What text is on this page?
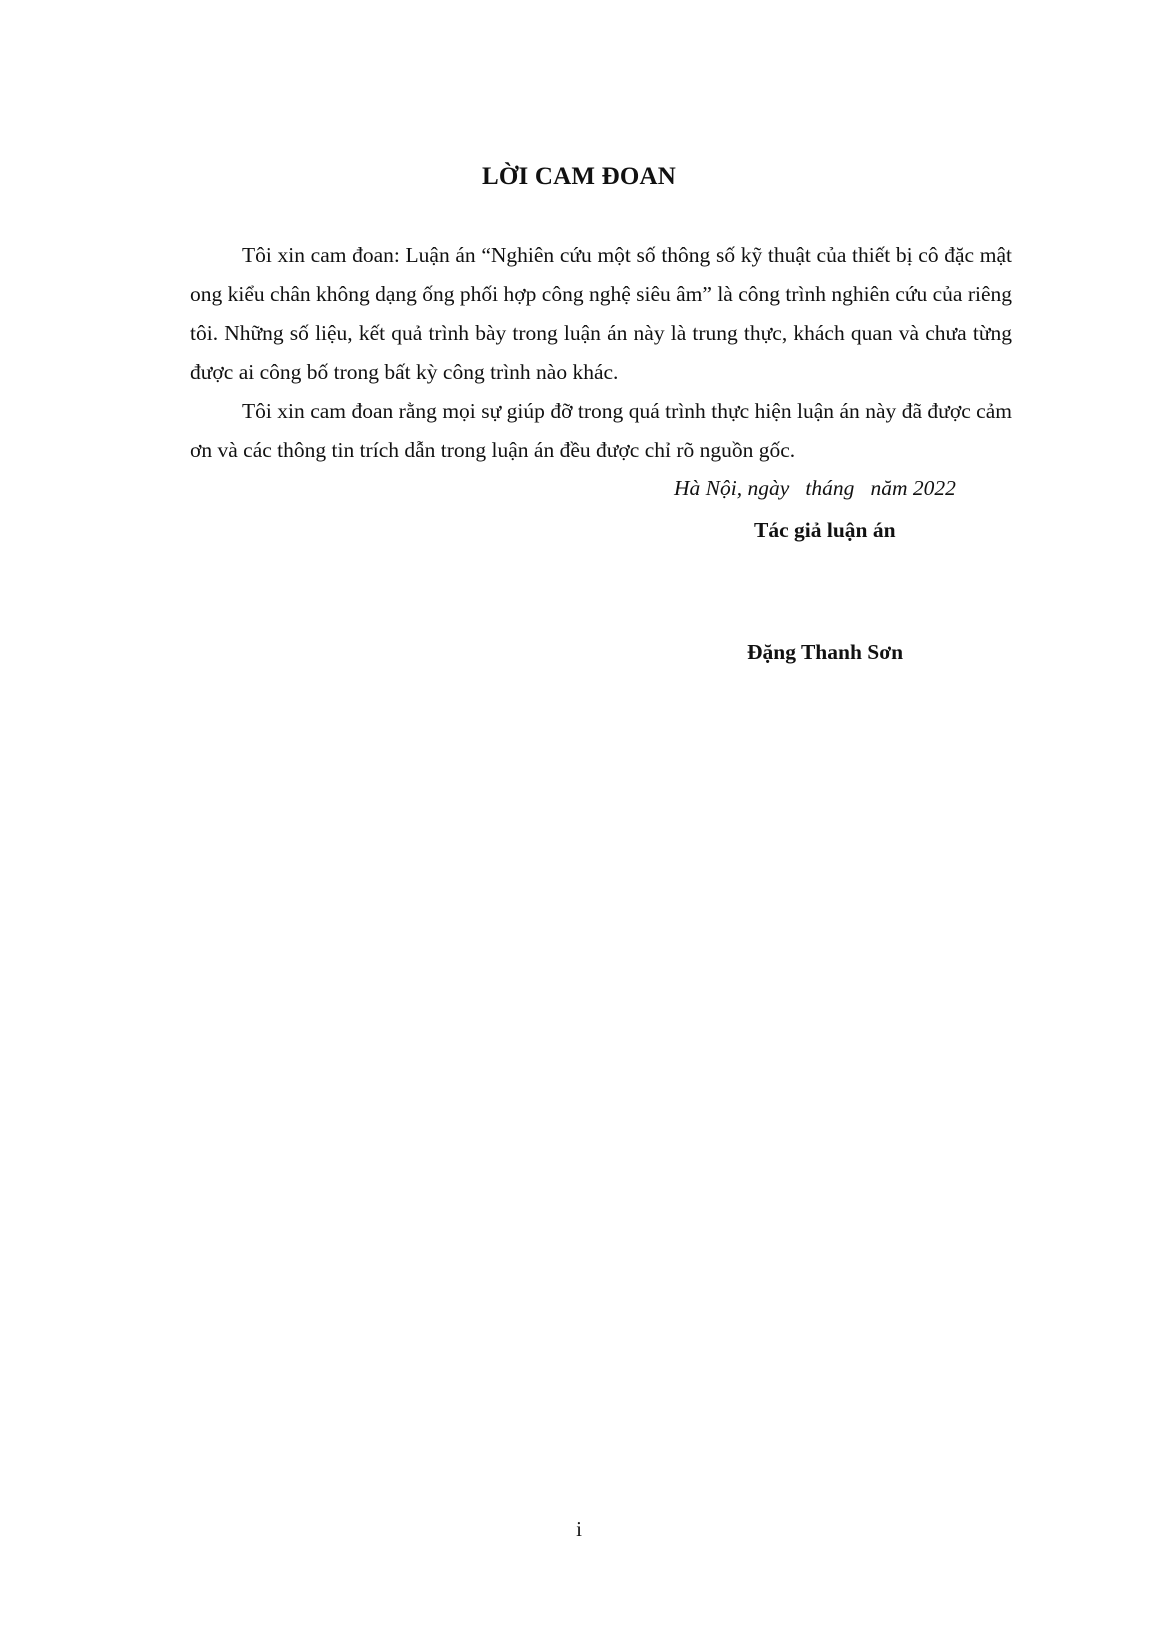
LỜI CAM ĐOAN

Tôi xin cam đoan: Luận án “Nghiên cứu một số thông số kỹ thuật của thiết bị cô đặc mật ong kiểu chân không dạng ống phối hợp công nghệ siêu âm” là công trình nghiên cứu của riêng tôi. Những số liệu, kết quả trình bày trong luận án này là trung thực, khách quan và chưa từng được ai công bố trong bất kỳ công trình nào khác.

Tôi xin cam đoan rằng mọi sự giúp đỡ trong quá trình thực hiện luận án này đã được cảm ơn và các thông tin trích dẫn trong luận án đều được chỉ rõ nguồn gốc.

Hà Nội, ngày   tháng   năm 2022
Tác giả luận án
Đặng Thanh Sơn
i
